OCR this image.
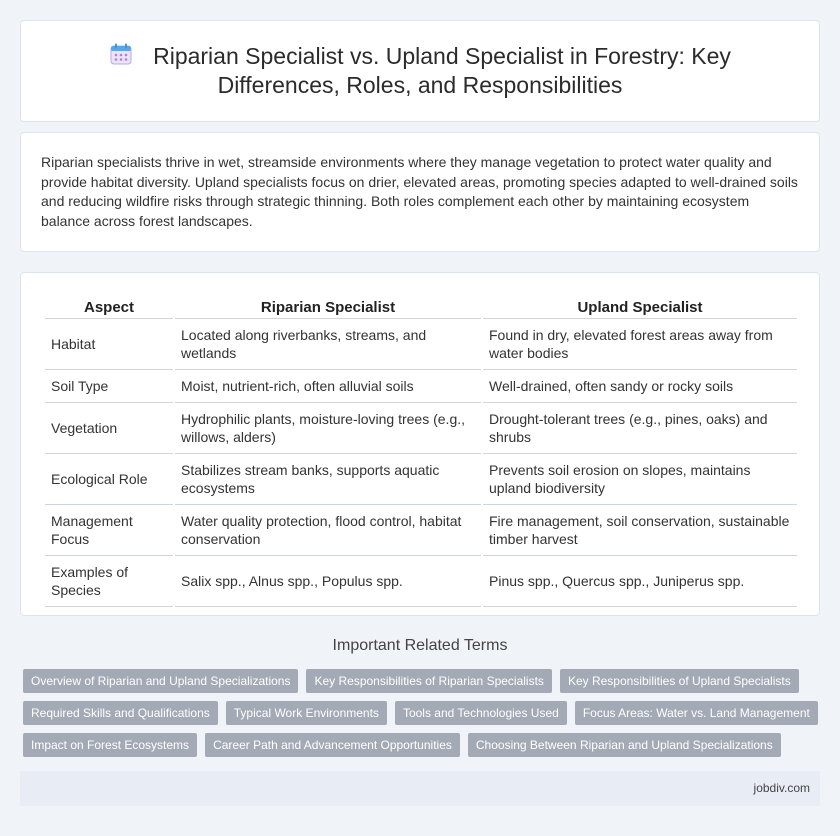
Riparian Specialist vs. Upland Specialist in Forestry: Key Differences, Roles, and Responsibilities

Riparian specialists thrive in wet, streamside environments where they manage vegetation to protect water quality and provide habitat diversity. Upland specialists focus on drier, elevated areas, promoting species adapted to well-drained soils and reducing wildfire risks through strategic thinning. Both roles complement each other by maintaining ecosystem balance across forest landscapes.

Aspect	Riparian Specialist	Upland Specialist
Habitat	Located along riverbanks, streams, and wetlands	Found in dry, elevated forest areas away from water bodies
Soil Type	Moist, nutrient-rich, often alluvial soils	Well-drained, often sandy or rocky soils
Vegetation	Hydrophilic plants, moisture-loving trees (e.g., willows, alders)	Drought-tolerant trees (e.g., pines, oaks) and shrubs
Ecological Role	Stabilizes stream banks, supports aquatic ecosystems	Prevents soil erosion on slopes, maintains upland biodiversity
Management Focus	Water quality protection, flood control, habitat conservation	Fire management, soil conservation, sustainable timber harvest
Examples of Species	Salix spp., Alnus spp., Populus spp.	Pinus spp., Quercus spp., Juniperus spp.
Important Related Terms
Overview of Riparian and Upland Specializations	Key Responsibilities of Riparian Specialists	Key Responsibilities of Upland Specialists
Required Skills and Qualifications	Typical Work Environments	Tools and Technologies Used	Focus Areas: Water vs. Land Management
Impact on Forest Ecosystems	Career Path and Advancement Opportunities	Choosing Between Riparian and Upland Specializations
jobdiv.com
